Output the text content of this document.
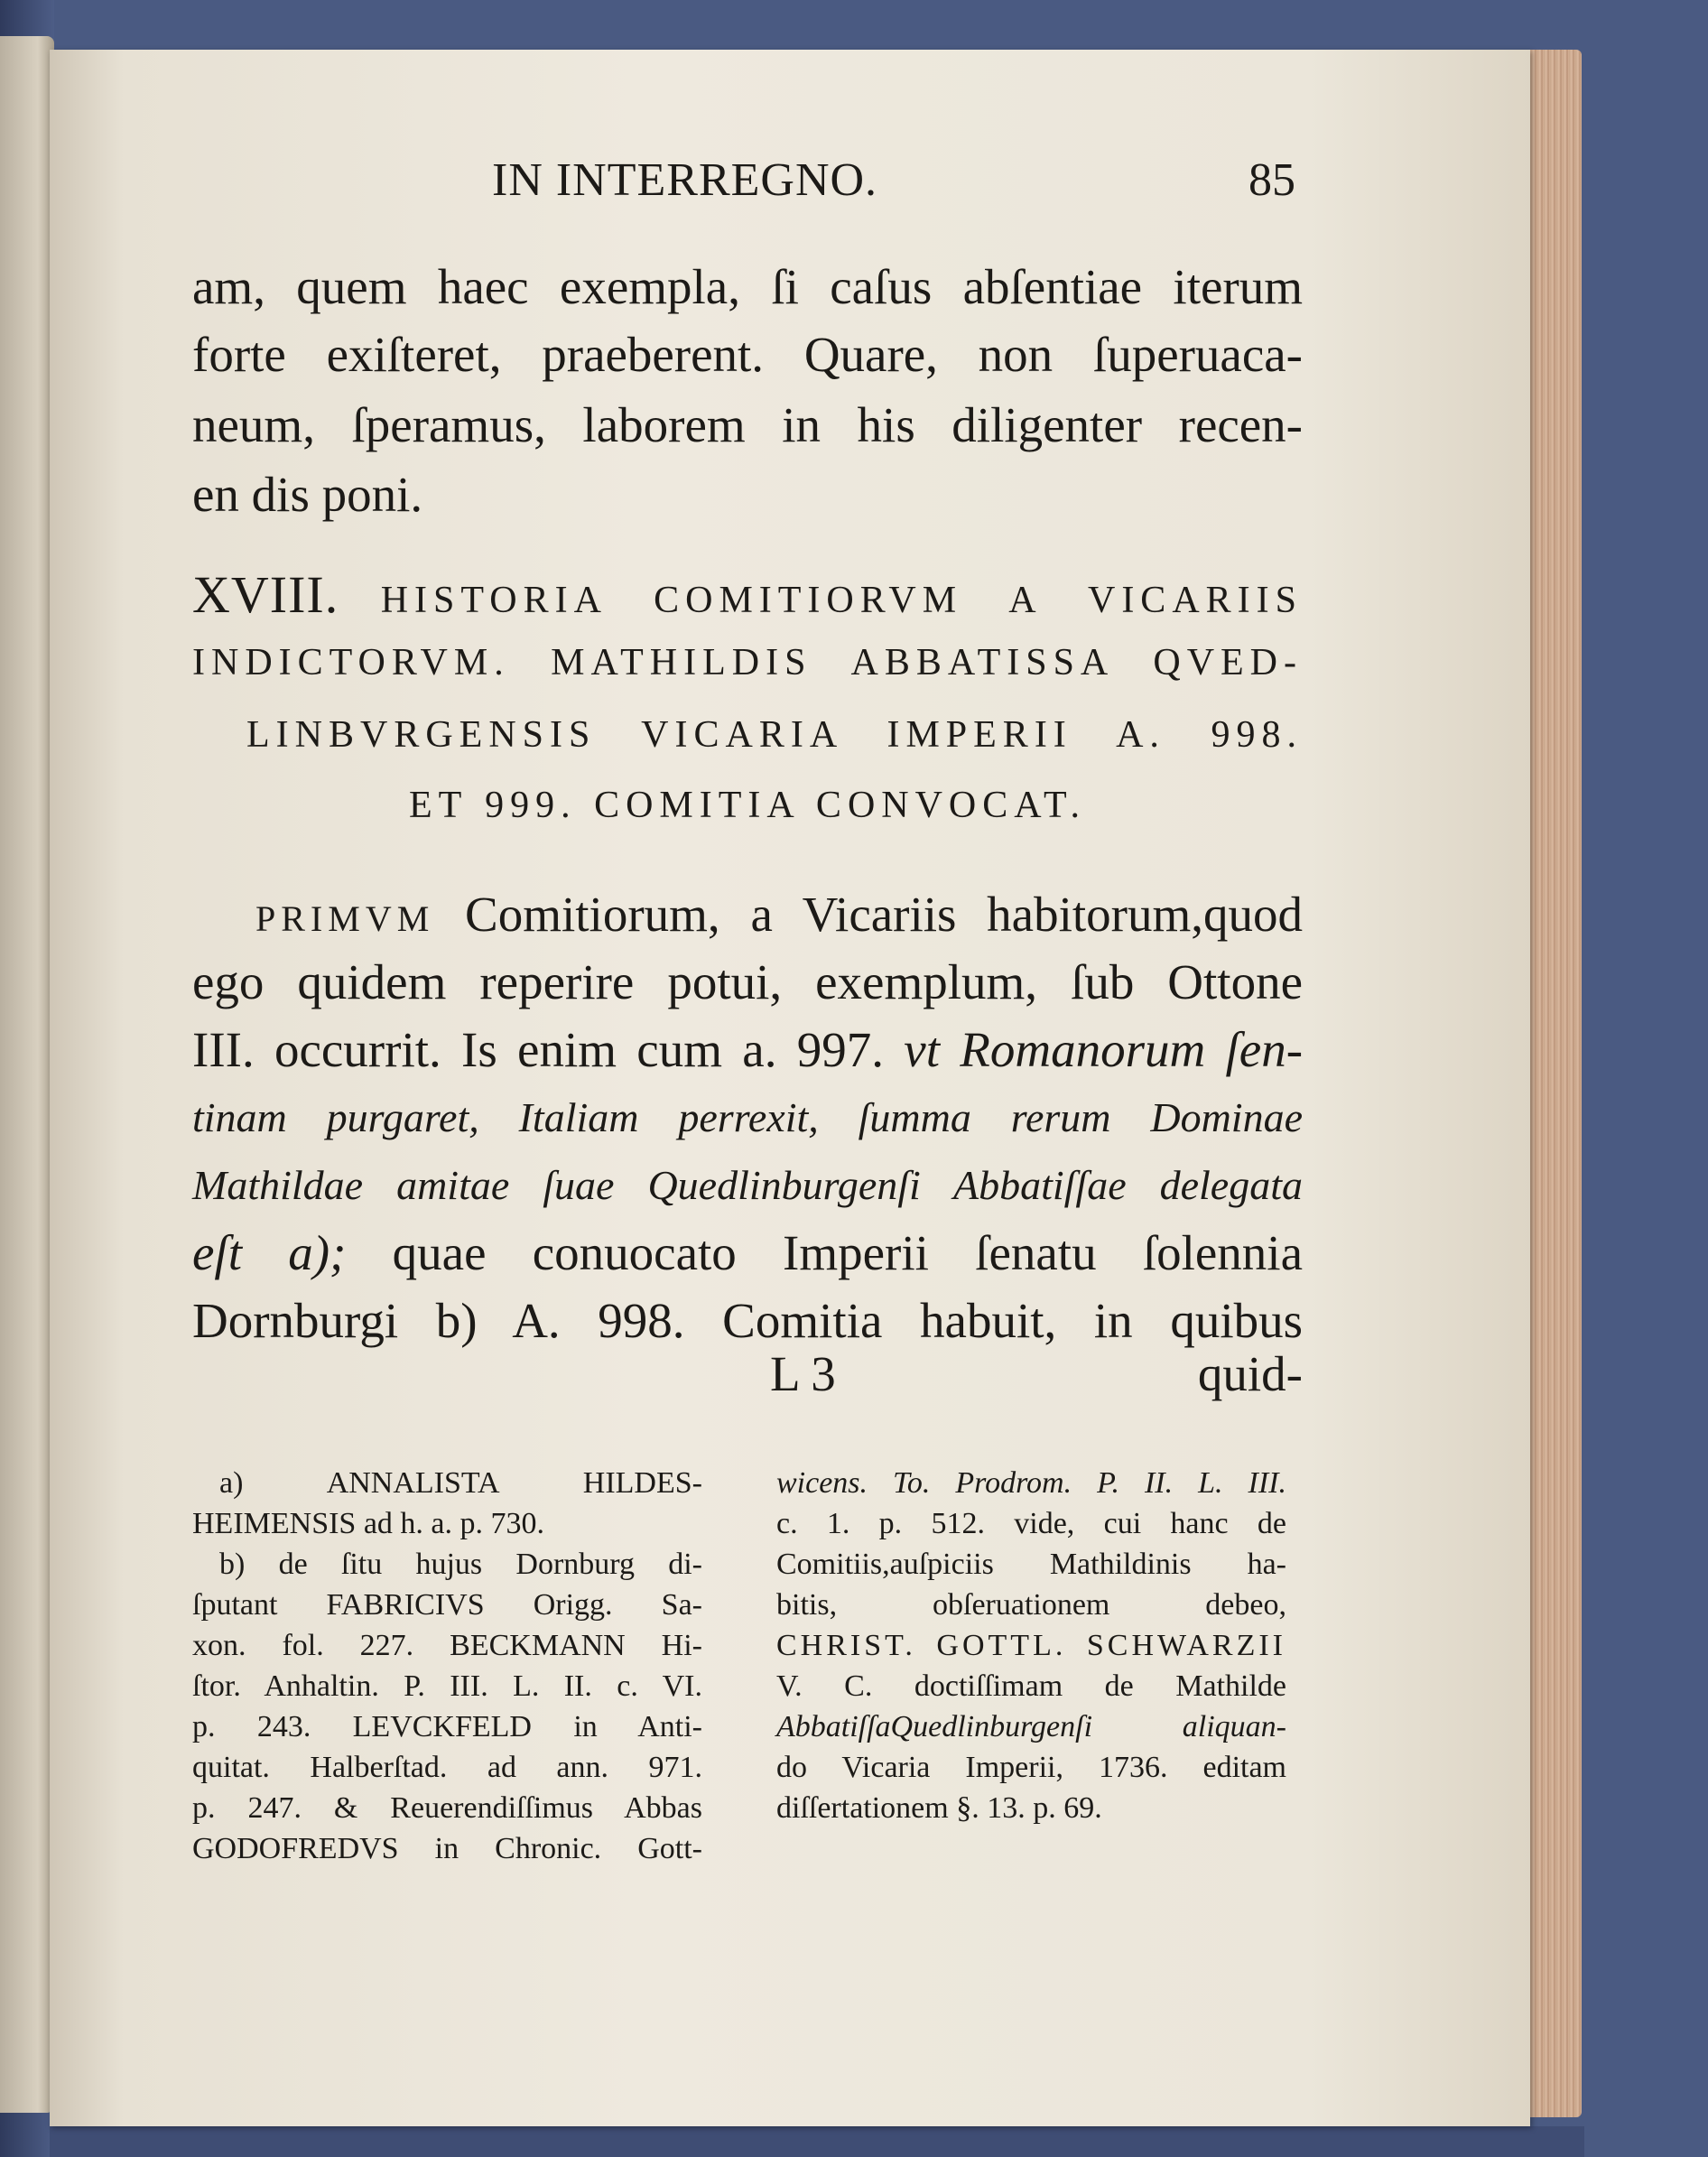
IN INTERREGNO.	85
am, quem haec exempla, ſi caſus abſentiae iterum
forte exiſteret, praeberent. Quare, non ſuperuaca-
neum, ſperamus, laborem in his diligenter recen-
en dis poni.
XVIII. HISTORIA COMITIORVM A VICARIIS
INDICTORVM. MATHILDIS ABBATISSA QVED-
LINBVRGENSIS VICARIA IMPERII A. 998.
ET 999. COMITIA CONVOCAT.
PRIMVM Comitiorum, a Vicariis habitorum,quod
ego quidem reperire potui, exemplum, ſub Ottone
III. occurrit. Is enim cum a. 997. vt Romanorum ſen-
tinam purgaret, Italiam perrexit, ſumma rerum Dominae
Mathildae amitae ſuae Quedlinburgenſi Abbatiſſae delegata
eſt a); quae conuocato Imperii ſenatu ſolennia
Dornburgi b) A. 998. Comitia habuit, in quibus
L 3	quid-
a) ANNALISTA HILDES-
HEIMENSIS ad h. a. p. 730.
b) de ſitu hujus Dornburg di-
ſputant FABRICIVS Origg. Sa-
xon. fol. 227. BECKMANN Hi-
ſtor. Anhaltin. P. III. L. II. c. VI.
p. 243. LEVCKFELD in Anti-
quitat. Halberſtad. ad ann. 971.
p. 247. & Reuerendiſſimus Abbas
GODOFREDVS in Chronic. Gott-
wicens. To. Prodrom. P. II. L. III.
c. 1. p. 512. vide, cui hanc de
Comitiis,auſpiciis Mathildinis ha-
bitis, obſeruationem debeo,
CHRIST. GOTTL. SCHWARZII
V. C. doctiſſimam de Mathilde
AbbatiſſaQuedlinburgenſi aliquan-
do Vicaria Imperii, 1736. editam
diſſertationem §. 13. p. 69.
